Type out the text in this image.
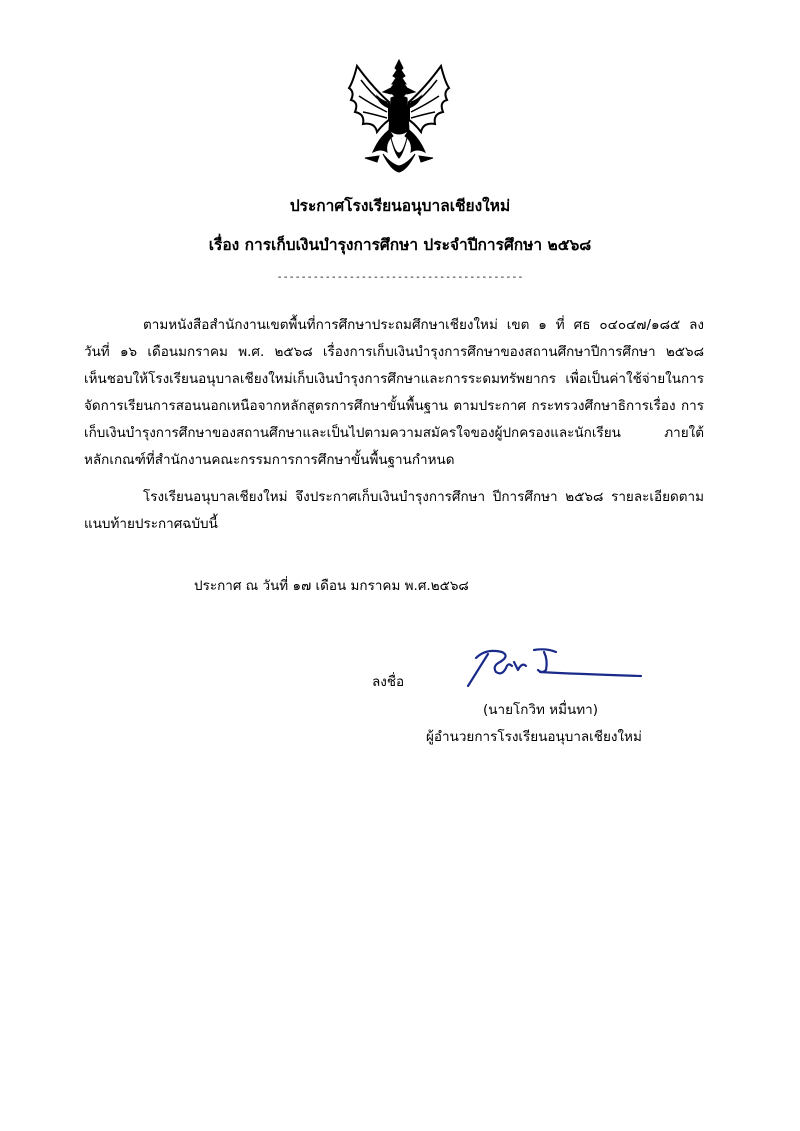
ประกาศโรงเรียนอนุบาลเชียงใหม่
เรื่อง การเก็บเงินบำรุงการศึกษา ประจำปีการศึกษา ๒๕๖๘
-----------------------------------------
ตามหนังสือสำนักงานเขตพื้นที่การศึกษาประถมศึกษาเชียงใหม่ เขต ๑ ที่ ศธ ๐๔๐๔๗/๑๘๕ ลง
วันที่ ๑๖ เดือนมกราคม พ.ศ. ๒๕๖๘ เรื่องการเก็บเงินบำรุงการศึกษาของสถานศึกษาปีการศึกษา ๒๕๖๘
เห็นชอบให้โรงเรียนอนุบาลเชียงใหม่เก็บเงินบำรุงการศึกษาและการระดมทรัพยากร เพื่อเป็นค่าใช้จ่ายในการ
จัดการเรียนการสอนนอกเหนือจากหลักสูตรการศึกษาขั้นพื้นฐาน ตามประกาศ กระทรวงศึกษาธิการเรื่อง การ
เก็บเงินบำรุงการศึกษาของสถานศึกษาและเป็นไปตามความสมัครใจของผู้ปกครองและนักเรียน ภายใต้
หลักเกณฑ์ที่สำนักงานคณะกรรมการการศึกษาขั้นพื้นฐานกำหนด
โรงเรียนอนุบาลเชียงใหม่ จึงประกาศเก็บเงินบำรุงการศึกษา ปีการศึกษา ๒๕๖๘ รายละเอียดตาม
แนบท้ายประกาศฉบับนี้
ประกาศ ณ วันที่ ๑๗ เดือน มกราคม พ.ศ.๒๕๖๘
ลงชื่อ
(นายโกวิท หมื่นทา)
ผู้อำนวยการโรงเรียนอนุบาลเชียงใหม่
